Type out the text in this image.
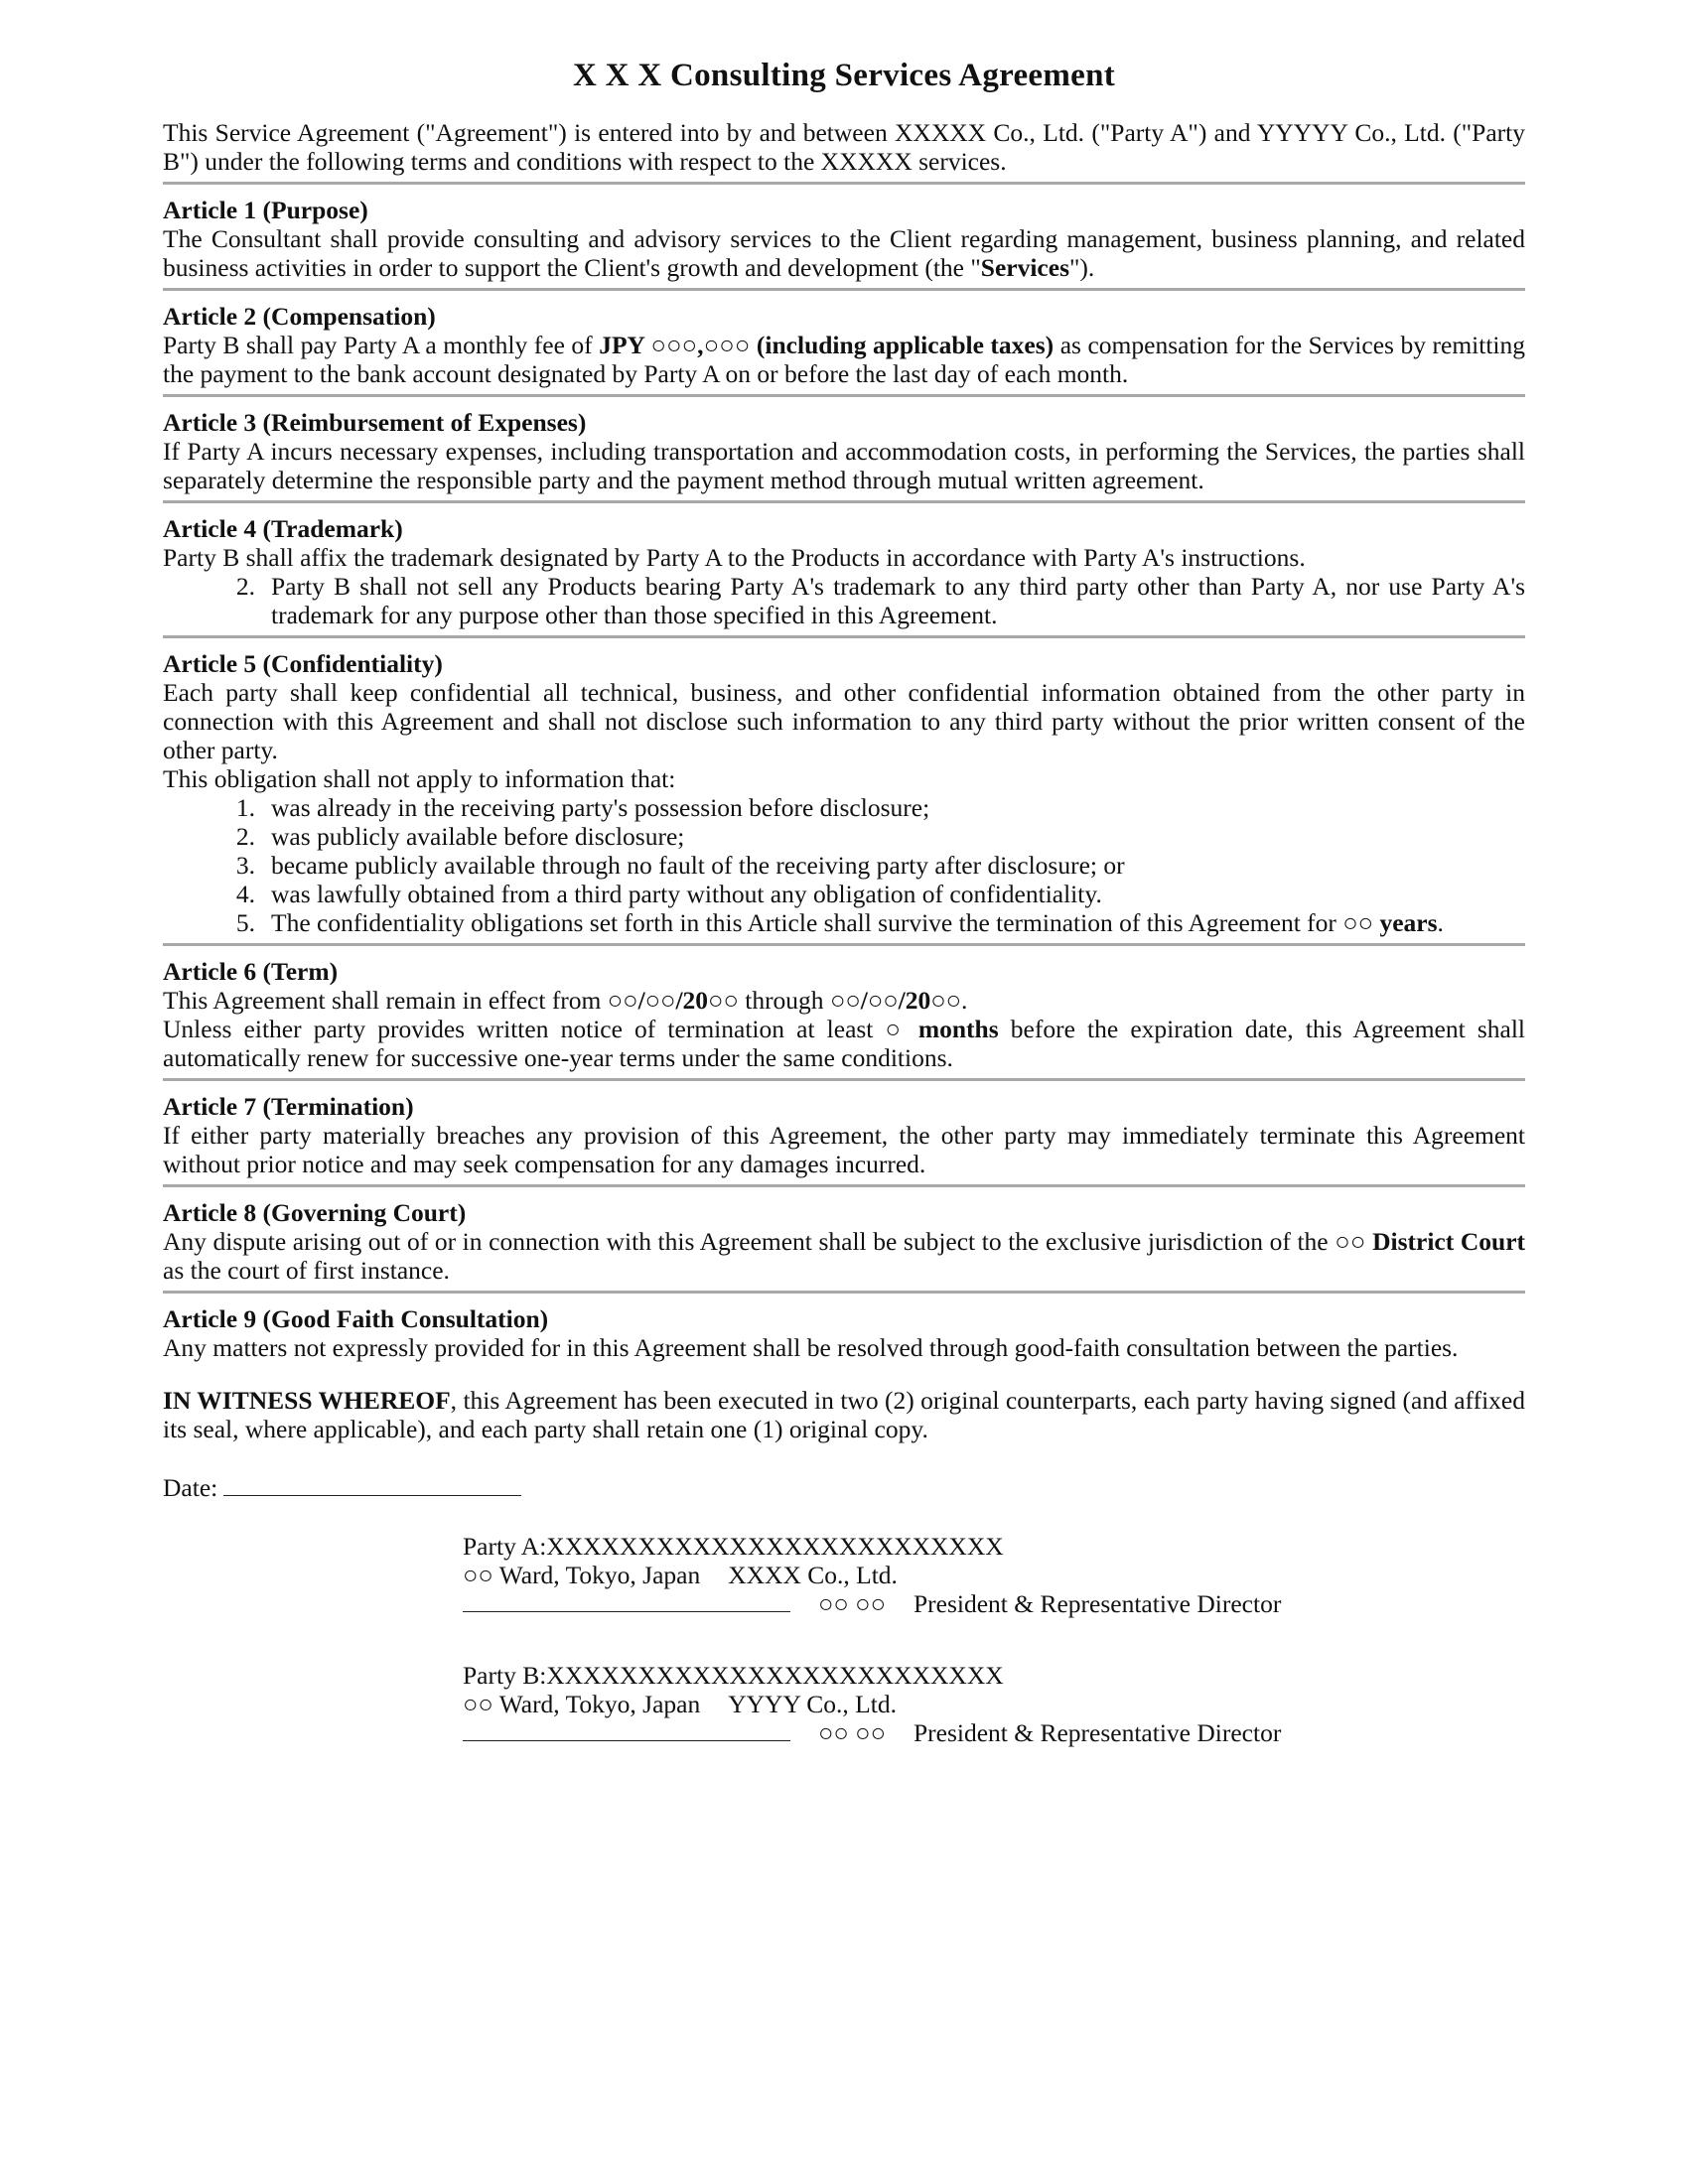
X X X Consulting Services Agreement

This Service Agreement ("Agreement") is entered into by and between XXXXX Co., Ltd. ("Party A") and YYYYY Co., Ltd. ("Party B") under the following terms and conditions with respect to the XXXXX services.

Article 1 (Purpose)

The Consultant shall provide consulting and advisory services to the Client regarding management, business planning, and related business activities in order to support the Client's growth and development (the "Services").

Article 2 (Compensation)

Party B shall pay Party A a monthly fee of JPY ○○○,○○○ (including applicable taxes) as compensation for the Services by remitting the payment to the bank account designated by Party A on or before the last day of each month.

Article 3 (Reimbursement of Expenses)

If Party A incurs necessary expenses, including transportation and accommodation costs, in performing the Services, the parties shall separately determine the responsible party and the payment method through mutual written agreement.

Article 4 (Trademark)

Party B shall affix the trademark designated by Party A to the Products in accordance with Party A's instructions.

2. Party B shall not sell any Products bearing Party A's trademark to any third party other than Party A, nor use Party A's trademark for any purpose other than those specified in this Agreement.
Article 5 (Confidentiality)

Each party shall keep confidential all technical, business, and other confidential information obtained from the other party in connection with this Agreement and shall not disclose such information to any third party without the prior written consent of the other party.

This obligation shall not apply to information that:

1. was already in the receiving party's possession before disclosure;
2. was publicly available before disclosure;
3. became publicly available through no fault of the receiving party after disclosure; or
4. was lawfully obtained from a third party without any obligation of confidentiality.
5. The confidentiality obligations set forth in this Article shall survive the termination of this Agreement for ○○ years.
Article 6 (Term)

This Agreement shall remain in effect from ○○/○○/20○○ through ○○/○○/20○○.

Unless either party provides written notice of termination at least ○ months before the expiration date, this Agreement shall automatically renew for successive one-year terms under the same conditions.

Article 7 (Termination)

If either party materially breaches any provision of this Agreement, the other party may immediately terminate this Agreement without prior notice and may seek compensation for any damages incurred.

Article 8 (Governing Court)

Any dispute arising out of or in connection with this Agreement shall be subject to the exclusive jurisdiction of the ○○ District Court as the court of first instance.

Article 9 (Good Faith Consultation)

Any matters not expressly provided for in this Agreement shall be resolved through good-faith consultation between the parties.

IN WITNESS WHEREOF, this Agreement has been executed in two (2) original counterparts, each party having signed (and affixed its seal, where applicable), and each party shall retain one (1) original copy.

Date:
Party A:XXXXXXXXXXXXXXXXXXXXXXXXX
○○ Ward, Tokyo, Japan XXXX Co., Ltd.
○○ ○○ President & Representative Director
Party B:XXXXXXXXXXXXXXXXXXXXXXXXX
○○ Ward, Tokyo, Japan YYYY Co., Ltd.
○○ ○○ President & Representative Director
